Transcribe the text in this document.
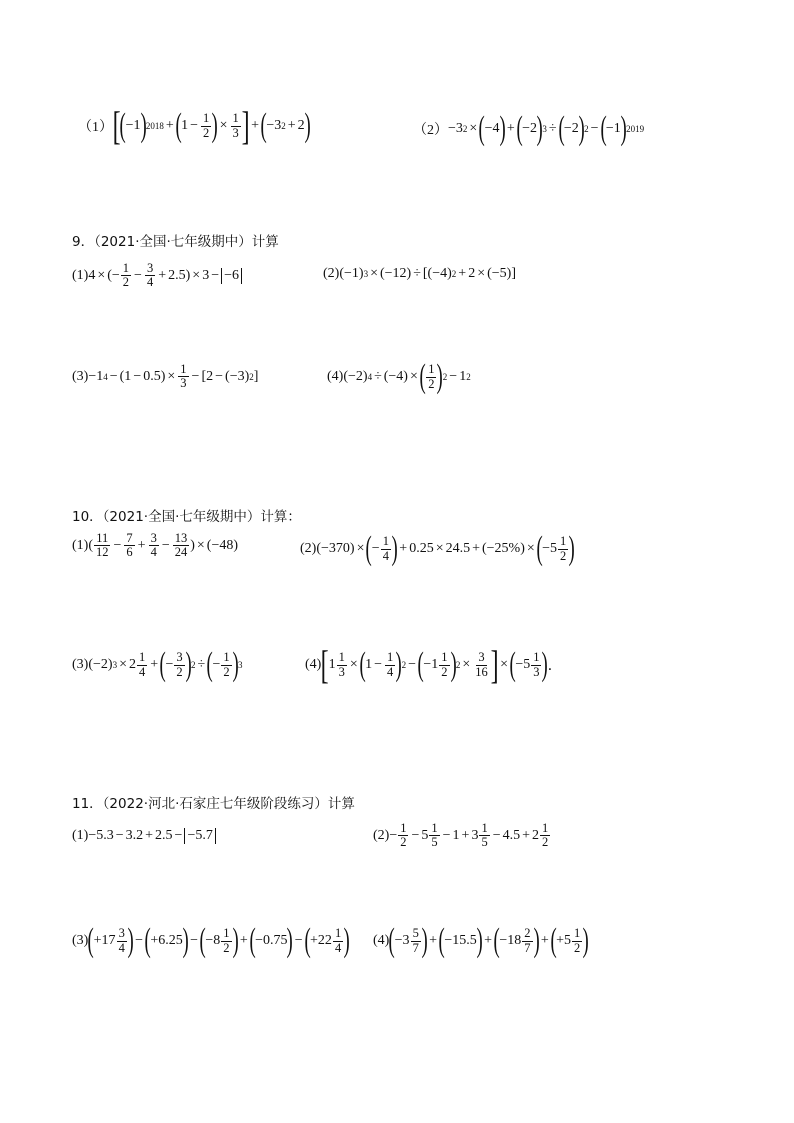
（1） [ ( −1 ) 2018 + ( $1 - \frac{1}{2}$ ) × $\frac{1}{3}$ ] + ( −3 2 + 2 )	（2） −3 2 × ( −4 ) + ( −2 ) 3 ÷ ( −2 ) 2 − ( −1 ) 2019
9．（2021·全国·七年级期中）计算
(1) 4 × (− $\frac{1}{2} - \frac{3}{4} + 2.5) \times 3 - -6$	(2) (−1) 3 × (−12) ÷ [(−4) 2 + 2 × (−5)]
(3) −1 $4 - (1 - 0.5) \times \frac{1}{3} - [2 - (-3)$ 2 ]	(4) (−2) 4 ÷ (−4) × ( $\frac{1}{2}$ ) 2 − 1 2
10．（2021·全国·七年级期中）计算：
(1) ( $\frac{11}{12} - \frac{7}{6} + \frac{3}{4} - \frac{13}{24}$ ) × (−48)	(2) (−370) × ( − $\frac{1}{4}$ ) + 0.25 × 24.5 + (−25%) × ( $-5 \frac{1}{2}$ )
(3) (−2) $3 \times 2 \frac{1}{4}$ + ( − $\frac{3}{2}$ ) 2 ÷ ( − $\frac{1}{2}$ ) 3	(4) [ $1 \frac{1}{3}$ × ( $1 - \frac{1}{4}$ ) 2 − ( $-1 \frac{1}{2}$ ) $2 \times \frac{3}{16}$ ] × ( $-5 \frac{1}{3}$ ) ．
11．（2022·河北·石家庄七年级阶段练习）计算
(1) −5.3 − 3.2 + 2.5 − −5.7	$(2) - \frac{1}{2} - 5 \frac{1}{5} - 1 + 3 \frac{1}{5} - 4.5 + 2 \frac{1}{2}$
(3) ( $+17 \frac{3}{4}$ ) − ( +6.25 ) − ( $-8 \frac{1}{2}$ ) + ( −0.75 ) − ( $+22 \frac{1}{4}$ ) (4) ( $-3 \frac{5}{7}$ ) + ( −15.5 ) + ( $-18 \frac{2}{7}$ ) + ( $+5 \frac{1}{2}$ )
